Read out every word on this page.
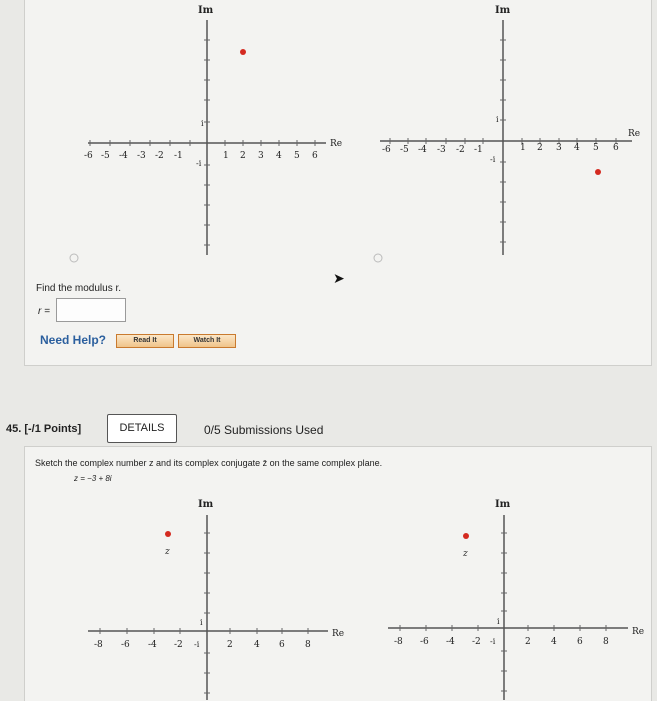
Im
Re
i
-i
-6 -5 -4 -3 -2 -1	1 2 3 4 5 6
Im
Re
i
-i
-6 -5 -4 -3 -2 -1	1 2 3 4 5 6
➤
Find the modulus r.
r =
Need Help?	Read It	Watch It
45. [-/1 Points]	DETAILS	0/5 Submissions Used
Sketch the complex number z and its complex conjugate z̄ on the same complex plane.
z = −3 + 8i
Im
Re
i
-i
-8 -6 -4 -2	2 4 6 8
z
Im
Re
i
-i
-8 -6 -4 -2	2 4 6 8
z
